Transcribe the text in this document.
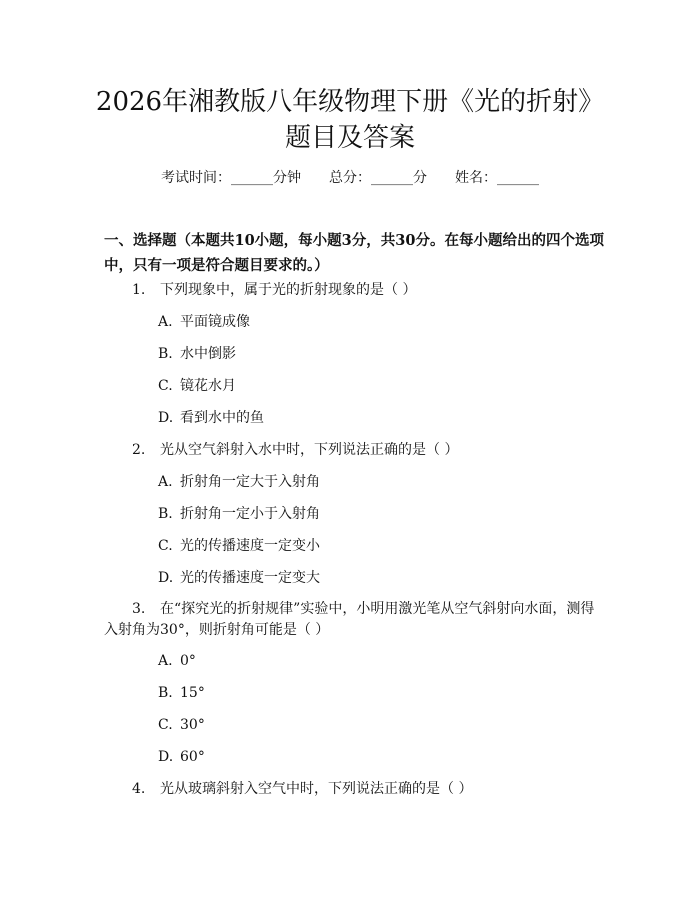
2026年湘教版八年级物理下册《光的折射》
题目及答案
考试时间：______分钟 总分：______分 姓名：______
一、选择题（本题共10小题，每小题3分，共30分。在每小题给出的四个选项
中，只有一项是符合题目要求的。）
1. 下列现象中，属于光的折射现象的是（ ）
A. 平面镜成像
B. 水中倒影
C. 镜花水月
D. 看到水中的鱼
2. 光从空气斜射入水中时，下列说法正确的是（ ）
A. 折射角一定大于入射角
B. 折射角一定小于入射角
C. 光的传播速度一定变小
D. 光的传播速度一定变大
3. 在“探究光的折射规律”实验中，小明用激光笔从空气斜射向水面，测得
入射角为30°，则折射角可能是（ ）
A. 0°
B. 15°
C. 30°
D. 60°
4. 光从玻璃斜射入空气中时，下列说法正确的是（ ）
